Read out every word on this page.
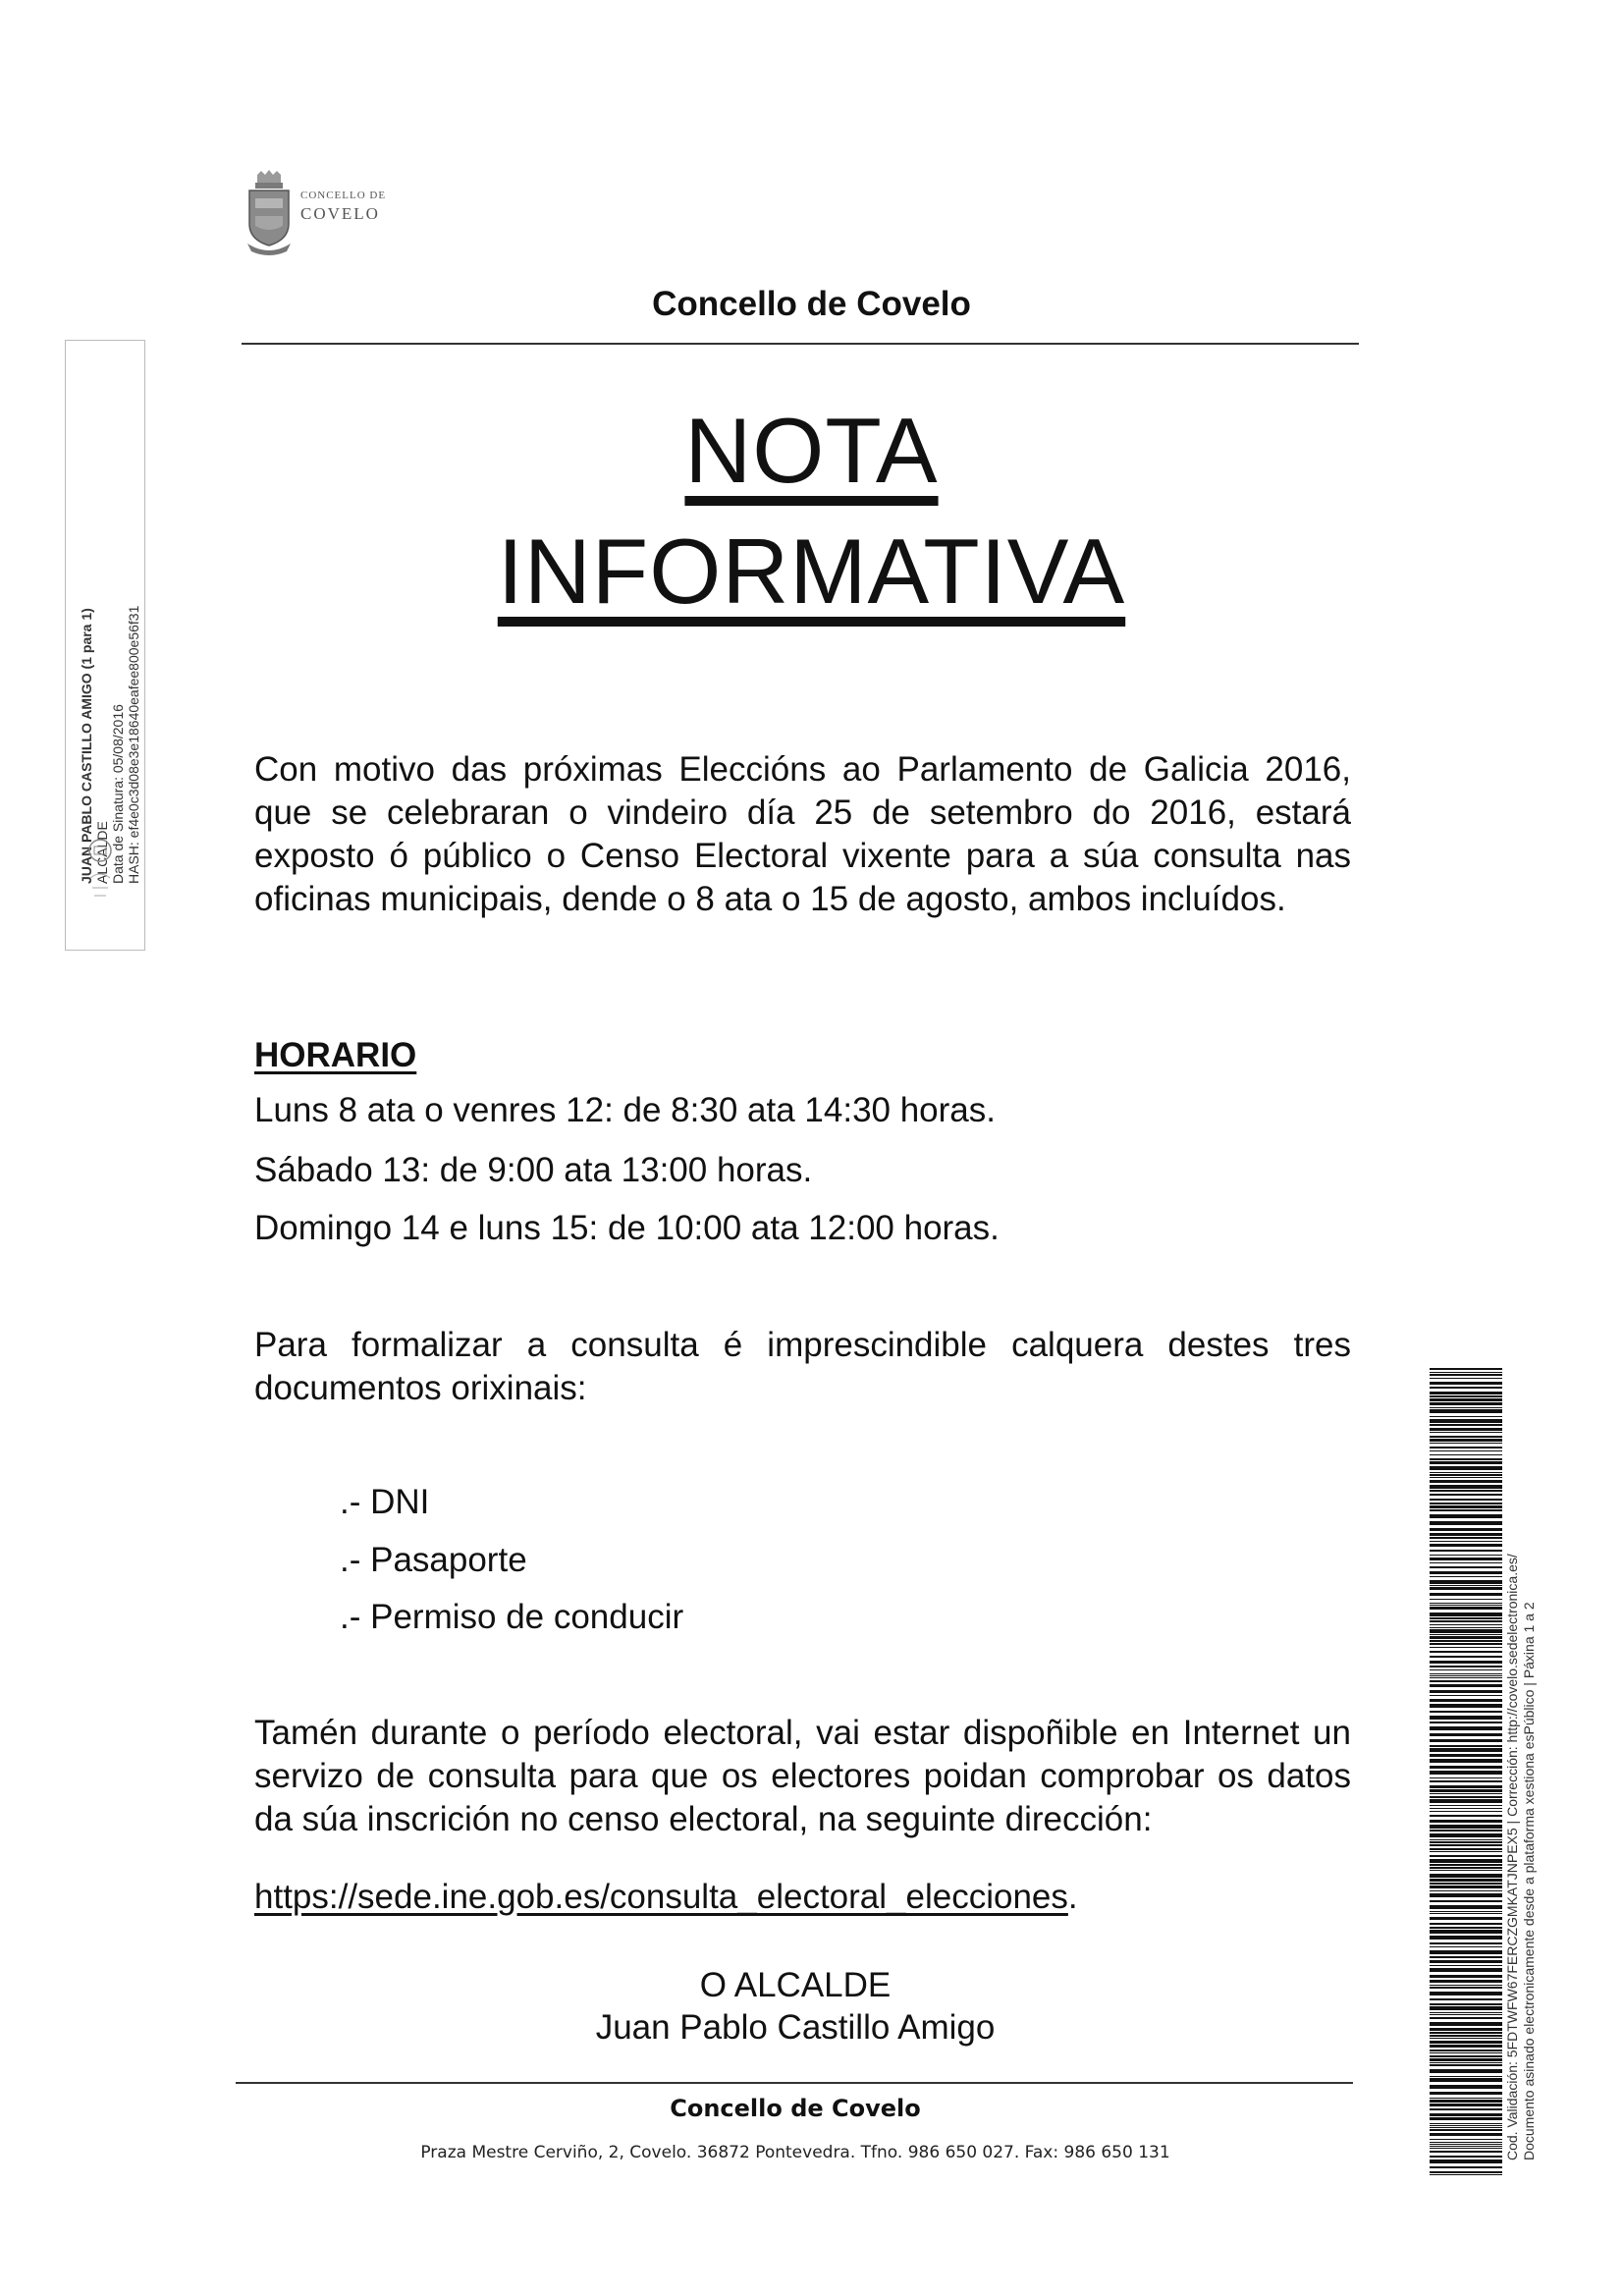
CONCELLO DE
COVELO
Concello de Covelo
NOTA
INFORMATIVA
Con motivo das próximas Eleccións ao Parlamento de Galicia 2016, que se celebraran o vindeiro día 25 de setembro do 2016, estará exposto ó público o Censo Electoral vixente para a súa consulta nas oficinas municipais, dende o 8 ata o 15 de agosto, ambos incluídos.
HORARIO
Luns 8 ata o venres 12: de 8:30 ata 14:30 horas.
Sábado 13: de 9:00 ata 13:00 horas.
Domingo 14 e luns 15: de 10:00 ata 12:00 horas.
Para formalizar a consulta é imprescindible calquera destes tres documentos orixinais:
.- DNI
.- Pasaporte
.- Permiso de conducir
Tamén durante o período electoral, vai estar dispoñible en Internet un servizo de consulta para que os electores poidan comprobar os datos da súa inscrición no censo electoral, na seguinte dirección:
https://sede.ine.gob.es/consulta_electoral_elecciones.
O ALCALDE
Juan Pablo Castillo Amigo
Concello de Covelo
Praza Mestre Cerviño, 2, Covelo. 36872 Pontevedra. Tfno. 986 650 027. Fax: 986 650 131
JUAN PABLO CASTILLO AMIGO (1 para 1) ALCALDE Data de Sinatura: 05/08/2016 HASH: ef4e0c3d08e3e18640eafee800e56f31
Cod. Validación: 5FDTWFW67FERCZGMKATJNPEX5 | Corrección: http://covelo.sedelectronica.es/ Documento asinado electronicamente desde a plataforma xestiona esPúblico | Páxina 1 a 2
